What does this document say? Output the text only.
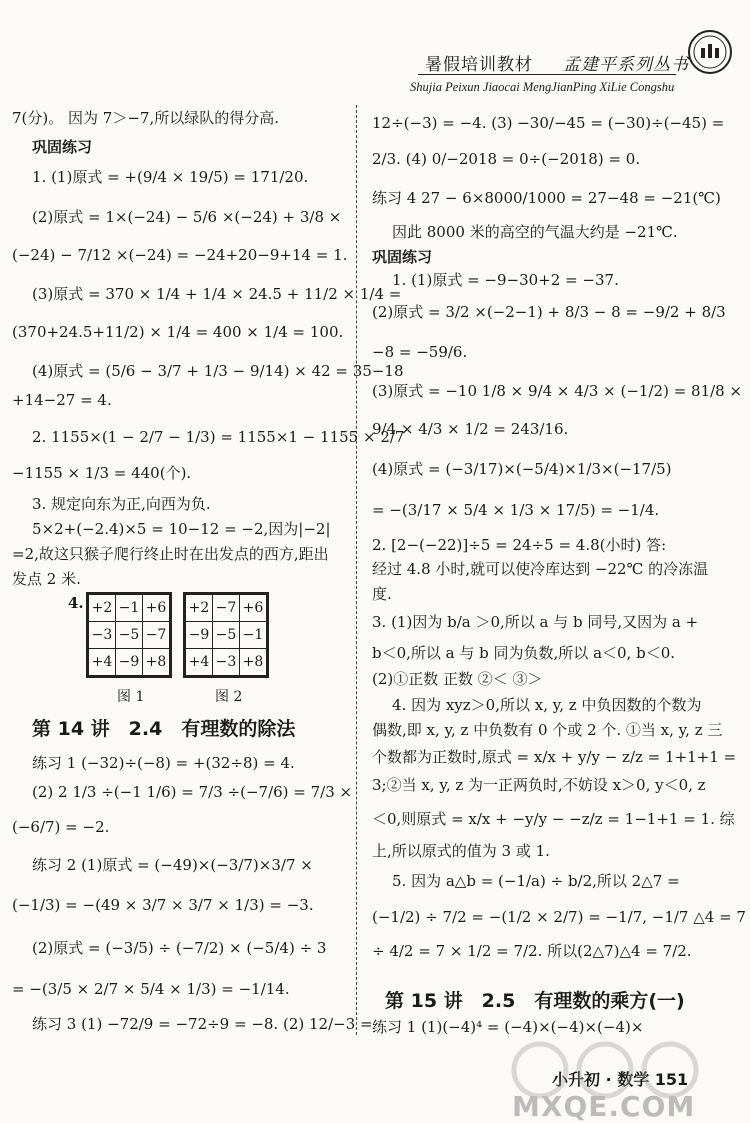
暑假培训教材 孟建平系列丛书
Shujia Peixun Jiaocai MengJianPing XiLie Congshu
7(分)。 因为 7＞−7,所以绿队的得分高.
巩固练习
1. (1)原式 = +(9/4 × 19/5) = 171/20.
(2)原式 = 1×(−24) − 5/6 ×(−24) + 3/8 ×
(−24) − 7/12 ×(−24) = −24+20−9+14 = 1.
(3)原式 = 370 × 1/4 + 1/4 × 24.5 + 11/2 × 1/4 =
(370+24.5+11/2) × 1/4 = 400 × 1/4 = 100.
(4)原式 = (5/6 − 3/7 + 1/3 − 9/14) × 42 = 35−18
+14−27 = 4.
2. 1155×(1 − 2/7 − 1/3) = 1155×1 − 1155 × 2/7
−1155 × 1/3 = 440(个).
3. 规定向东为正,向西为负.
5×2+(−2.4)×5 = 10−12 = −2,因为|−2|
=2,故这只猴子爬行终止时在出发点的西方,距出
发点 2 米.
4. +2	−1	+6
−3	−5	−7
+4	−9	+8
+2	−7	+6
−9	−5	−1
+4	−3	+8
图 1	图 2
第 14 讲　2.4　有理数的除法
练习 1 (−32)÷(−8) = +(32÷8) = 4.
(2) 2 1/3 ÷(−1 1/6) = 7/3 ÷(−7/6) = 7/3 ×
(−6/7) = −2.
练习 2 (1)原式 = (−49)×(−3/7)×3/7 ×
(−1/3) = −(49 × 3/7 × 3/7 × 1/3) = −3.
(2)原式 = (−3/5) ÷ (−7/2) × (−5/4) ÷ 3
= −(3/5 × 2/7 × 5/4 × 1/3) = −1/14.
练习 3 (1) −72/9 = −72÷9 = −8. (2) 12/−3 =
12÷(−3) = −4. (3) −30/−45 = (−30)÷(−45) =
2/3. (4) 0/−2018 = 0÷(−2018) = 0.
练习 4 27 − 6×8000/1000 = 27−48 = −21(℃)
因此 8000 米的高空的气温大约是 −21℃.
巩固练习
1. (1)原式 = −9−30+2 = −37.
(2)原式 = 3/2 ×(−2−1) + 8/3 − 8 = −9/2 + 8/3
−8 = −59/6.
(3)原式 = −10 1/8 × 9/4 × 4/3 × (−1/2) = 81/8 ×
9/4 × 4/3 × 1/2 = 243/16.
(4)原式 = (−3/17)×(−5/4)×1/3×(−17/5)
= −(3/17 × 5/4 × 1/3 × 17/5) = −1/4.
2. [2−(−22)]÷5 = 24÷5 = 4.8(小时) 答:
经过 4.8 小时,就可以使冷库达到 −22℃ 的冷冻温
度.
3. (1)因为 b/a ＞0,所以 a 与 b 同号,又因为 a +
b＜0,所以 a 与 b 同为负数,所以 a＜0, b＜0.
(2)①正数 正数 ②＜ ③＞
4. 因为 xyz＞0,所以 x, y, z 中负因数的个数为
偶数,即 x, y, z 中负数有 0 个或 2 个. ①当 x, y, z 三
个数都为正数时,原式 = x/x + y/y − z/z = 1+1+1 =
3;②当 x, y, z 为一正两负时,不妨设 x＞0, y＜0, z
＜0,则原式 = x/x + −y/y − −z/z = 1−1+1 = 1. 综
上,所以原式的值为 3 或 1.
5. 因为 a△b = (−1/a) ÷ b/2,所以 2△7 =
(−1/2) ÷ 7/2 = −(1/2 × 2/7) = −1/7, −1/7 △4 = 7
÷ 4/2 = 7 × 1/2 = 7/2. 所以(2△7)△4 = 7/2.
第 15 讲　2.5　有理数的乘方(一)
练习 1 (1)(−4)⁴ = (−4)×(−4)×(−4)×
小升初 · 数学 151
MXQE.COM
